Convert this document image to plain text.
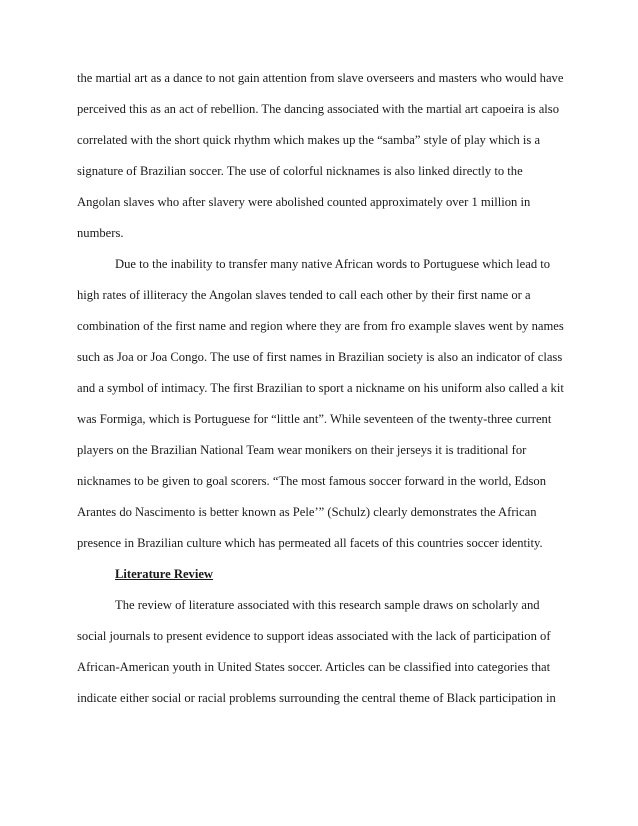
the martial art as a dance to not gain attention from slave overseers and masters who would have

perceived this as an act of rebellion. The dancing associated with the martial art capoeira is also

correlated with the short quick rhythm which makes up the “samba” style of play which is a

signature of Brazilian soccer. The use of colorful nicknames is also linked directly to the

Angolan slaves who after slavery were abolished counted approximately over 1 million in

numbers.

Due to the inability to transfer many native African words to Portuguese which lead to

high rates of illiteracy the Angolan slaves tended to call each other by their first name or a

combination of the first name and region where they are from fro example slaves went by names

such as Joa or Joa Congo. The use of first names in Brazilian society is also an indicator of class

and a symbol of intimacy. The first Brazilian to sport a nickname on his uniform also called a kit

was Formiga, which is Portuguese for “little ant”. While seventeen of the twenty-three current

players on the Brazilian National Team wear monikers on their jerseys it is traditional for

nicknames to be given to goal scorers. “The most famous soccer forward in the world, Edson

Arantes do Nascimento is better known as Pele’” (Schulz) clearly demonstrates the African

presence in Brazilian culture which has permeated all facets of this countries soccer identity.

Literature Review

The review of literature associated with this research sample draws on scholarly and

social journals to present evidence to support ideas associated with the lack of participation of

African-American youth in United States soccer. Articles can be classified into categories that

indicate either social or racial problems surrounding the central theme of Black participation in
